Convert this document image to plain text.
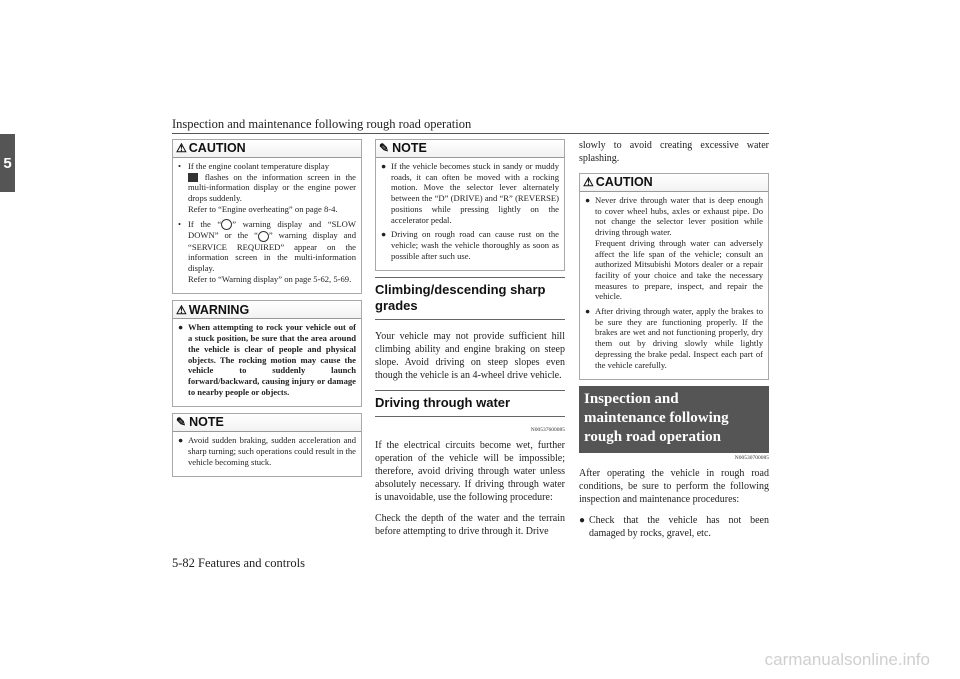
Inspection and maintenance following rough road operation
5
⚠ CAUTION
• If the engine coolant temperature display
flashes on the information screen in the multi-information display or the engine power drops suddenly.
Refer to “Engine overheating” on page 8-4.
• If the “ ” warning display and “SLOW DOWN” or the “ ” warning display and “SERVICE REQUIRED” appear on the information screen in the multi-information display.
Refer to “Warning display” on page 5-62, 5-69.
⚠ WARNING
● When attempting to rock your vehicle out of a stuck position, be sure that the area around the vehicle is clear of people and physical objects. The rocking motion may cause the vehicle to suddenly launch forward/backward, causing injury or damage to nearby people or objects.
✎ NOTE
● Avoid sudden braking, sudden acceleration and sharp turning; such operations could result in the vehicle becoming stuck.
✎ NOTE
● If the vehicle becomes stuck in sandy or muddy roads, it can often be moved with a rocking motion. Move the selector lever alternately between the “D” (DRIVE) and “R” (REVERSE) positions while pressing lightly on the accelerator pedal.
● Driving on rough road can cause rust on the vehicle; wash the vehicle thoroughly as soon as possible after such use.
Climbing/descending sharp grades

Your vehicle may not provide sufficient hill climbing ability and engine braking on steep slope. Avoid driving on steep slopes even though the vehicle is an 4-wheel drive vehicle.

Driving through water
N00537600085

If the electrical circuits become wet, further operation of the vehicle will be impossible; therefore, avoid driving through water unless absolutely necessary. If driving through water is unavoidable, use the following procedure:

Check the depth of the water and the terrain before attempting to drive through it. Drive

slowly to avoid creating excessive water splashing.

⚠ CAUTION
● Never drive through water that is deep enough to cover wheel hubs, axles or exhaust pipe. Do not change the selector lever position while driving through water.
Frequent driving through water can adversely affect the life span of the vehicle; consult an authorized Mitsubishi Motors dealer or a repair facility of your choice and take the necessary measures to prepare, inspect, and repair the vehicle.
● After driving through water, apply the brakes to be sure they are functioning properly. If the brakes are wet and not functioning properly, dry them out by driving slowly while lightly depressing the brake pedal. Inspect each part of the vehicle carefully.
Inspection and maintenance following rough road operation
N00530700085

After operating the vehicle in rough road conditions, be sure to perform the following inspection and maintenance procedures:

● Check that the vehicle has not been damaged by rocks, gravel, etc.
5-82 Features and controls
carmanualsonline.info
